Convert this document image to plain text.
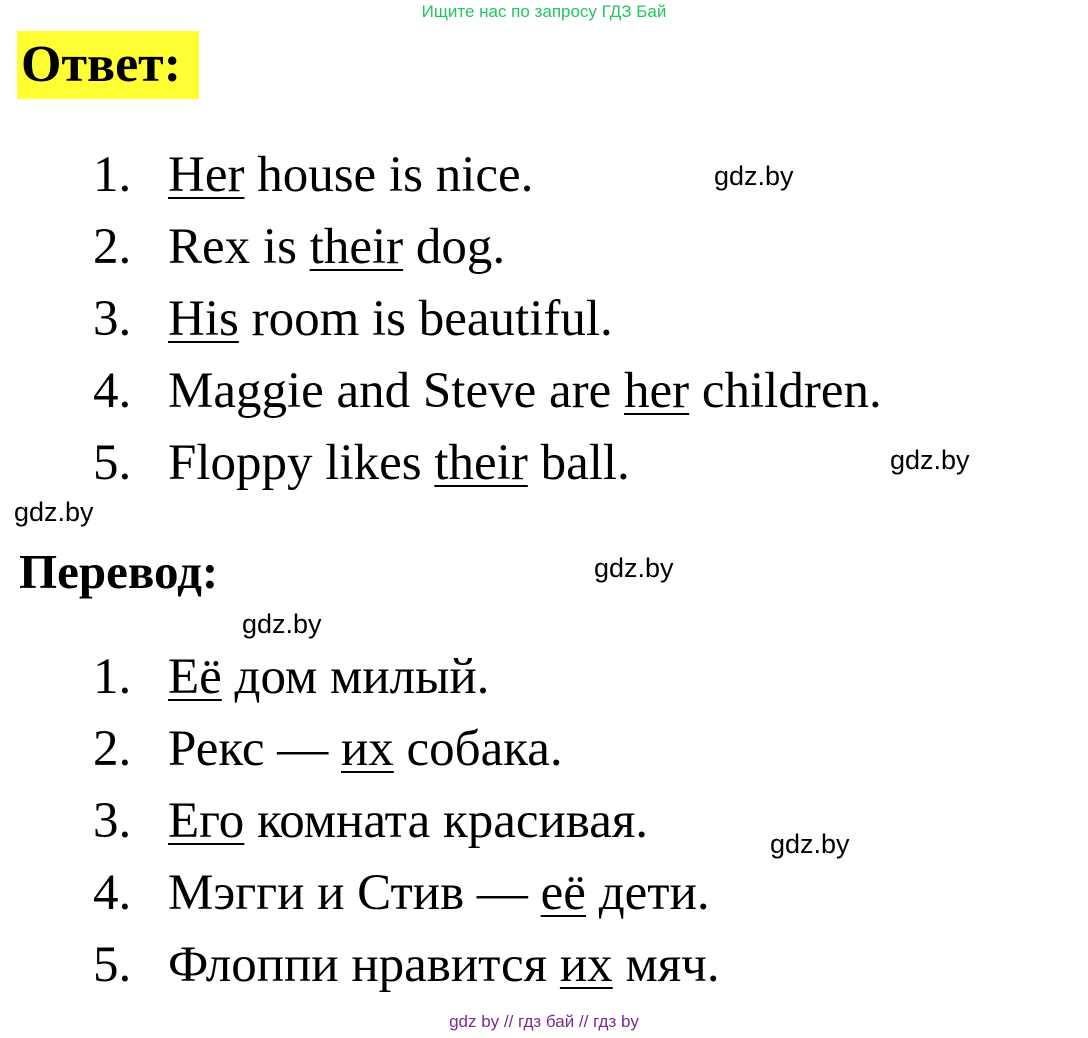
Ищите нас по запросу ГДЗ Бай
Ответ:
1. Her house is nice.
2. Rex is their dog.
3. His room is beautiful.
4. Maggie and Steve are her children.
5. Floppy likes their ball.
Перевод:
1. Её дом милый.
2. Рекс — их собака.
3. Его комната красивая.
4. Мэгги и Стив — её дети.
5. Флоппи нравится их мяч.
gdz.by
gdz.by
gdz.by
gdz.by
gdz.by
gdz.by
gdz by // гдз бай // гдз by
